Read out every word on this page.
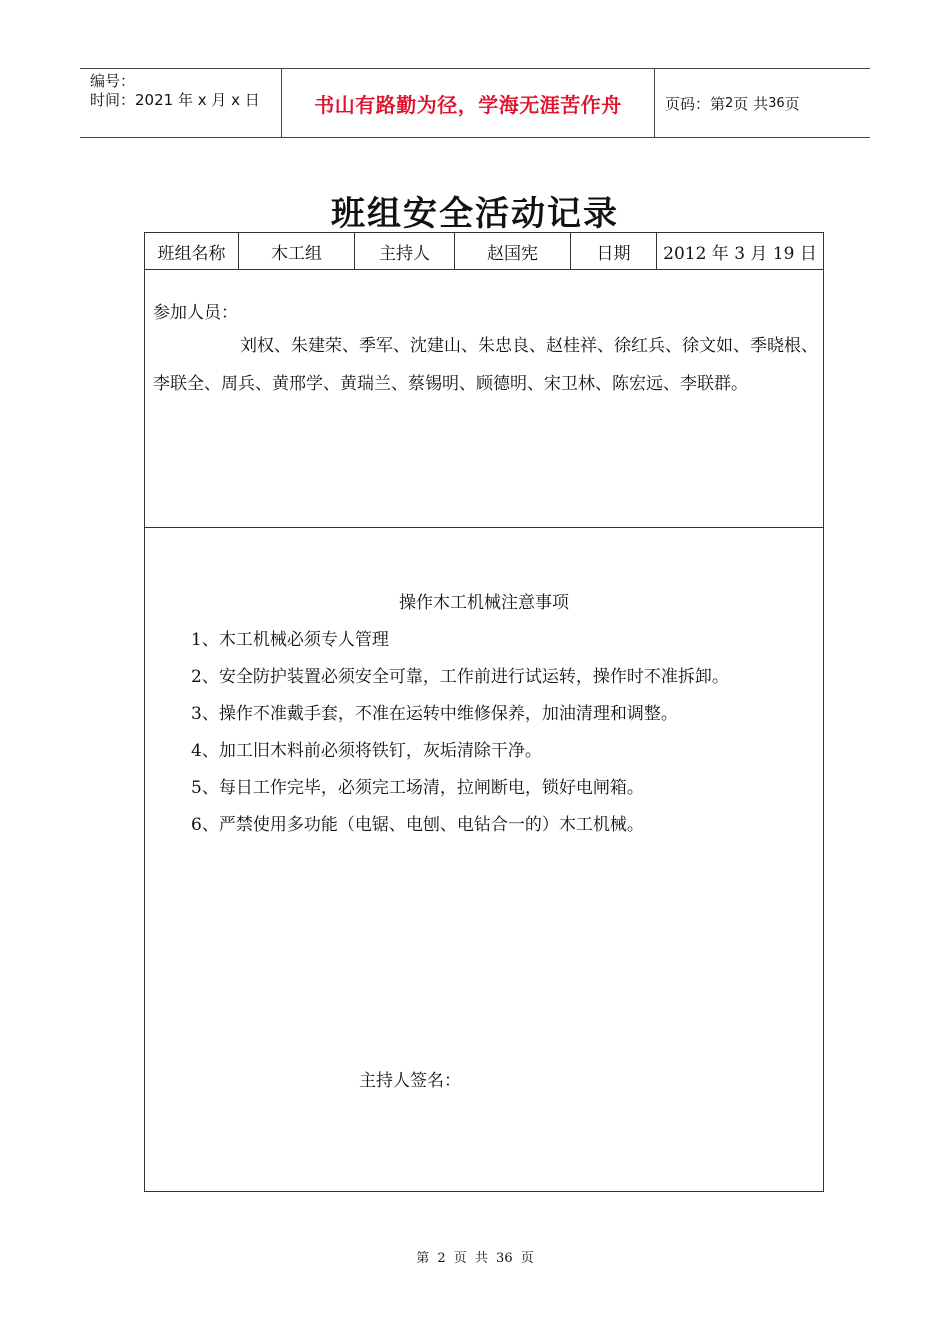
编号：
时间：2021 年 x 月 x 日	书山有路勤为径，学海无涯苦作舟	页码：第 2 页 共 36 页
班组安全活动记录
班组名称	木工组	主持人	赵国宪	日期	2012 年 3 月 19 日
参加人员：
刘权、朱建荣、季军、沈建山、朱忠良、赵桂祥、徐红兵、徐文如、季晓根、李联全、周兵、黄邢学、黄瑞兰、蔡锡明、顾德明、宋卫林、陈宏远、李联群。
操作木工机械注意事项
1、木工机械必须专人管理
2、安全防护装置必须安全可靠，工作前进行试运转，操作时不准拆卸。
3、操作不准戴手套，不准在运转中维修保养，加油清理和调整。
4、加工旧木料前必须将铁钉，灰垢清除干净。
5、每日工作完毕，必须完工场清，拉闸断电，锁好电闸箱。
6、严禁使用多功能（电锯、电刨、电钻合一的）木工机械。
主持人签名：
第 2 页 共 36 页
